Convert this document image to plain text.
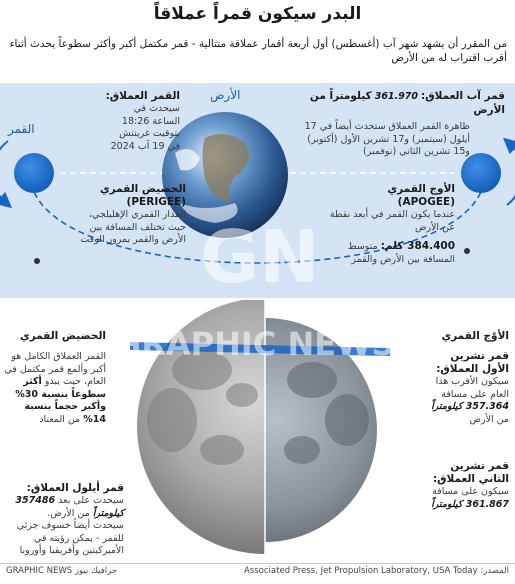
البدر سيكون قمراً عملاقاً
من المقرر أن يشهد شهر آب (أغسطس) أول أربعة أقمار عملاقة متتالية - قمر مكتمل أكبر وأكثر سطوعاً يحدث أثناء أقرب اقتراب له من الأرض
الأرض
القمر
قمر آب العملاق: 361.970 كيلومتراً من الأرض
ظاهرة القمر العملاق ستحدث أيضاً في 17 أيلول (سبتمبر) و17 تشرين الأول (أكتوبر) و15 تشرين الثاني (نوفمبر)
القمر العملاق:
سيحدث في الساعة 18:26 بتوقيت غرينتش في 19 آب 2024
الأوج القمري
(APOGEE)
عندما يكون القمر في أبعد نقطة عن الأرض
384.400 كلم: متوسط المسافة بين الأرض والقمر
الحضيض القمري
(PERIGEE)
المدار القمري الإهليلجي، حيث تختلف المسافة بين الأرض والقمر بمرور الوقت
الحضيض القمري
القمر العملاق الكامل هو أكبر وألمع قمر مكتمل في العام، حيث يبدو أكثر سطوعاً بنسبة 30% وأكبر حجماً بنسبة 14% من المعتاد
قمر أيلول العملاق:
سيحدث على بعد 357486 كيلومتراً من الأرض.
سيحدث أيضاً خسوف جزئي للقمر - يمكن رؤيته في الأميركيتين وأفريقيا وأوروبا
الأوْج القمري
قمر تشرين الأول العملاق:
سيكون الأقرب هذا العام على مسافة
357.364 كيلومتراً
من الأرض
قمر تشرين الثاني العملاق:
سيكون على مسافة
361.867 كيلومتراً
GN
GRAPHIC NEWS
المصدر: Associated Press, Jet Propulsion Laboratory, USA Today
GRAPHIC NEWS جرافيك نيوز
